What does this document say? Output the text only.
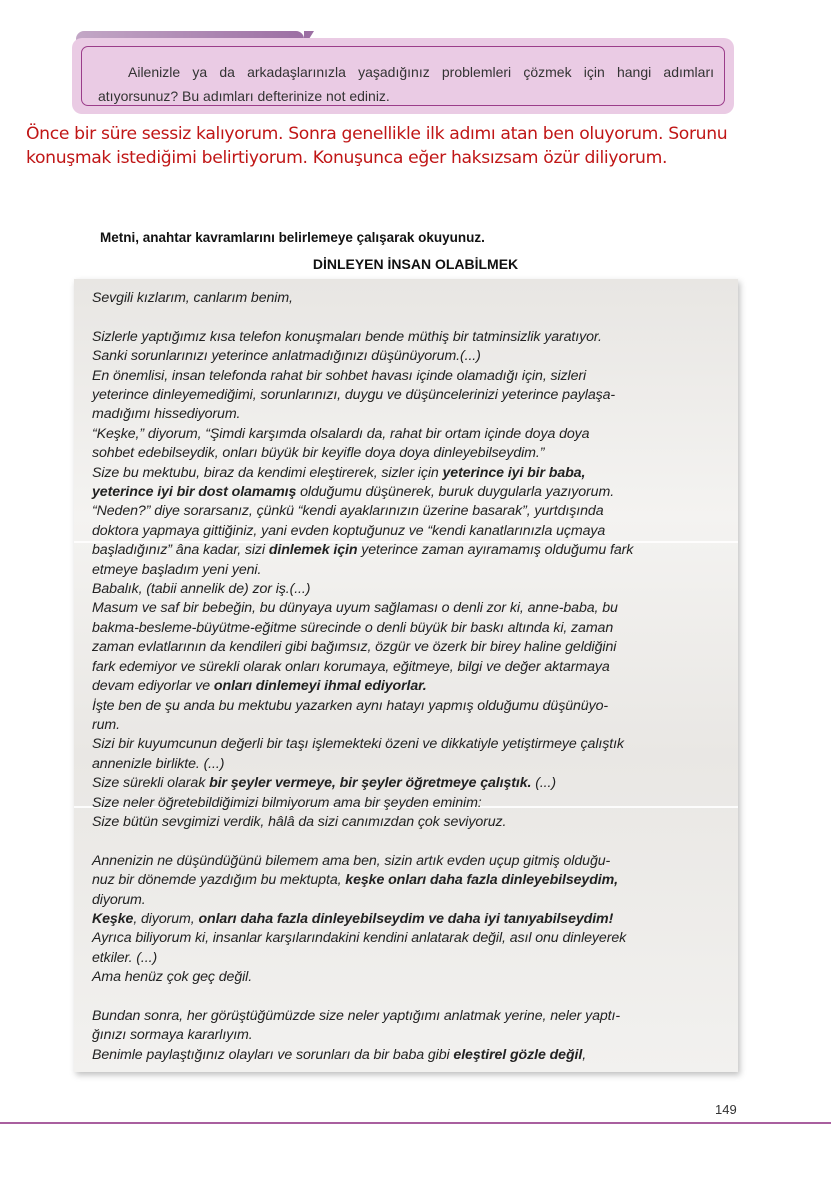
Ailenizle ya da arkadaşlarınızla yaşadığınız problemleri çözmek için hangi adımları atıyorsunuz? Bu adımları defterinize not ediniz.
Önce bir süre sessiz kalıyorum. Sonra genellikle ilk adımı atan ben oluyorum. Sorunu konuşmak istediğimi belirtiyorum. Konuşunca eğer haksızsam özür diliyorum.
Metni, anahtar kavramlarını belirlemeye çalışarak okuyunuz.
DİNLEYEN İNSAN OLABİLMEK

Sevgili kızlarım, canlarım benim,

Sizlerle yaptığımız kısa telefon konuşmaları bende müthiş bir tatminsizlik yaratıyor.

Sanki sorunlarınızı yeterince anlatmadığınızı düşünüyorum.(...)

En önemlisi, insan telefonda rahat bir sohbet havası içinde olamadığı için, sizleri

yeterince dinleyemediğimi, sorunlarınızı, duygu ve düşüncelerinizi yeterince paylaşa-

madığımı hissediyorum.

“Keşke,” diyorum, “Şimdi karşımda olsalardı da, rahat bir ortam içinde doya doya

sohbet edebilseydik, onları büyük bir keyifle doya doya dinleyebilseydim.”

Size bu mektubu, biraz da kendimi eleştirerek, sizler için yeterince iyi bir baba,

yeterince iyi bir dost olamamış olduğumu düşünerek, buruk duygularla yazıyorum.

“Neden?” diye sorarsanız, çünkü “kendi ayaklarınızın üzerine basarak”, yurtdışında

doktora yapmaya gittiğiniz, yani evden koptuğunuz ve “kendi kanatlarınızla uçmaya

başladığınız” âna kadar, sizi dinlemek için yeterince zaman ayıramamış olduğumu fark

etmeye başladım yeni yeni.

Babalık, (tabii annelik de) zor iş.(...)

Masum ve saf bir bebeğin, bu dünyaya uyum sağlaması o denli zor ki, anne-baba, bu

bakma-besleme-büyütme-eğitme sürecinde o denli büyük bir baskı altında ki, zaman

zaman evlatlarının da kendileri gibi bağımsız, özgür ve özerk bir birey haline geldiğini

fark edemiyor ve sürekli olarak onları korumaya, eğitmeye, bilgi ve değer aktarmaya

devam ediyorlar ve onları dinlemeyi ihmal ediyorlar.

İşte ben de şu anda bu mektubu yazarken aynı hatayı yapmış olduğumu düşünüyo-

rum.

Sizi bir kuyumcunun değerli bir taşı işlemekteki özeni ve dikkatiyle yetiştirmeye çalıştık

annenizle birlikte. (...)

Size sürekli olarak bir şeyler vermeye, bir şeyler öğretmeye çalıştık. (...)

Size neler öğretebildiğimizi bilmiyorum ama bir şeyden eminim:

Size bütün sevgimizi verdik, hâlâ da sizi canımızdan çok seviyoruz.

Annenizin ne düşündüğünü bilemem ama ben, sizin artık evden uçup gitmiş olduğu-

nuz bir dönemde yazdığım bu mektupta, keşke onları daha fazla dinleyebilseydim,

diyorum.

Keşke, diyorum, onları daha fazla dinleyebilseydim ve daha iyi tanıyabilseydim!

Ayrıca biliyorum ki, insanlar karşılarındakini kendini anlatarak değil, asıl onu dinleyerek

etkiler. (...)

Ama henüz çok geç değil.

Bundan sonra, her görüştüğümüzde size neler yaptığımı anlatmak yerine, neler yaptı-

ğınızı sormaya kararlıyım.

Benimle paylaştığınız olayları ve sorunları da bir baba gibi eleştirel gözle değil,

149
